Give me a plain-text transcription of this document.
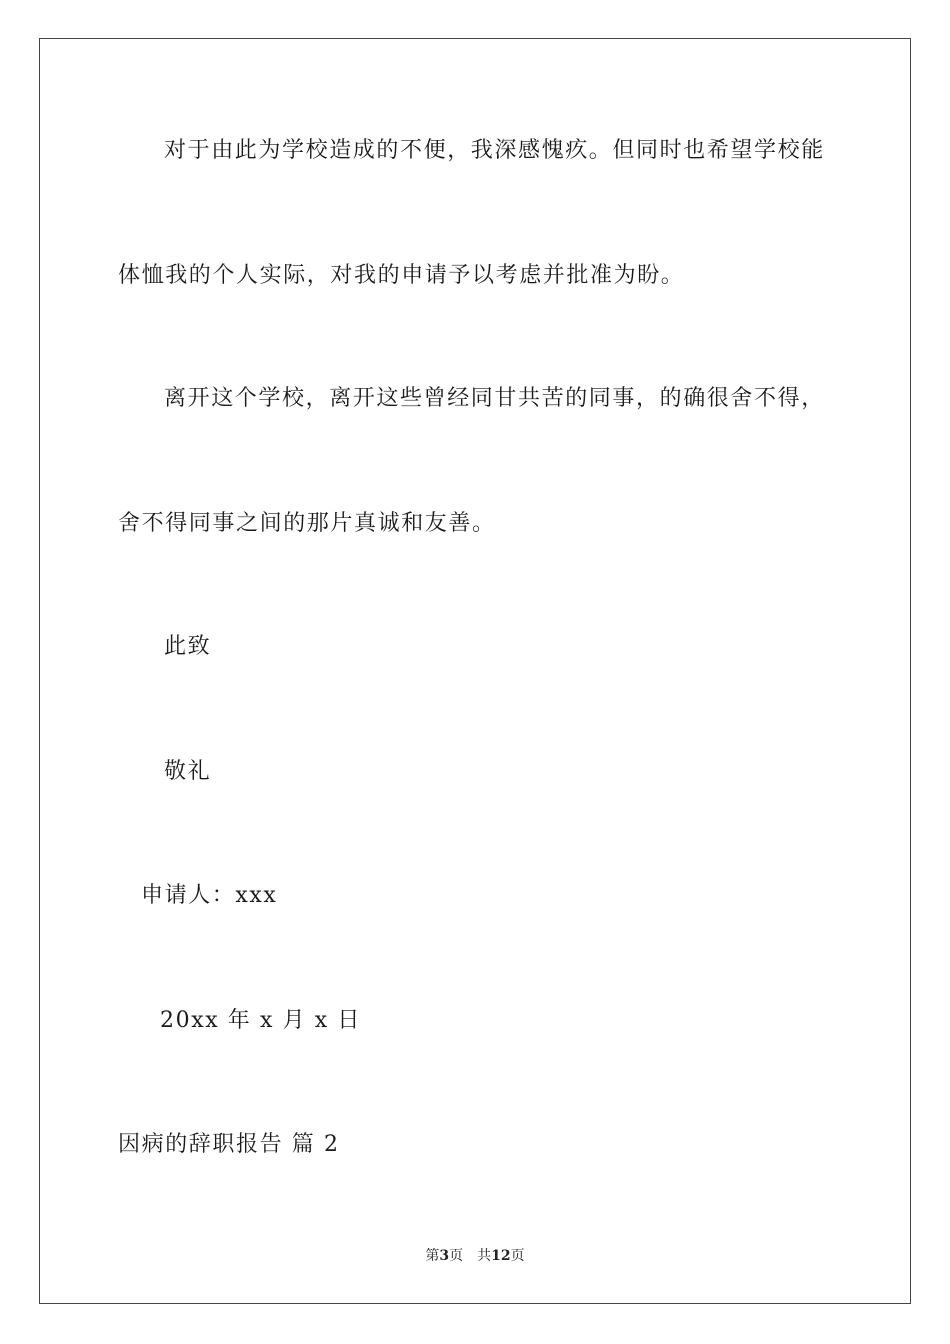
对于由此为学校造成的不便，我深感愧疚。但同时也希望学校能
体恤我的个人实际，对我的申请予以考虑并批准为盼。
离开这个学校，离开这些曾经同甘共苦的同事，的确很舍不得，
舍不得同事之间的那片真诚和友善。
此致
敬礼
申请人：xxx
20xx 年 x 月 x 日
因病的辞职报告 篇 2
第3页 共12页
